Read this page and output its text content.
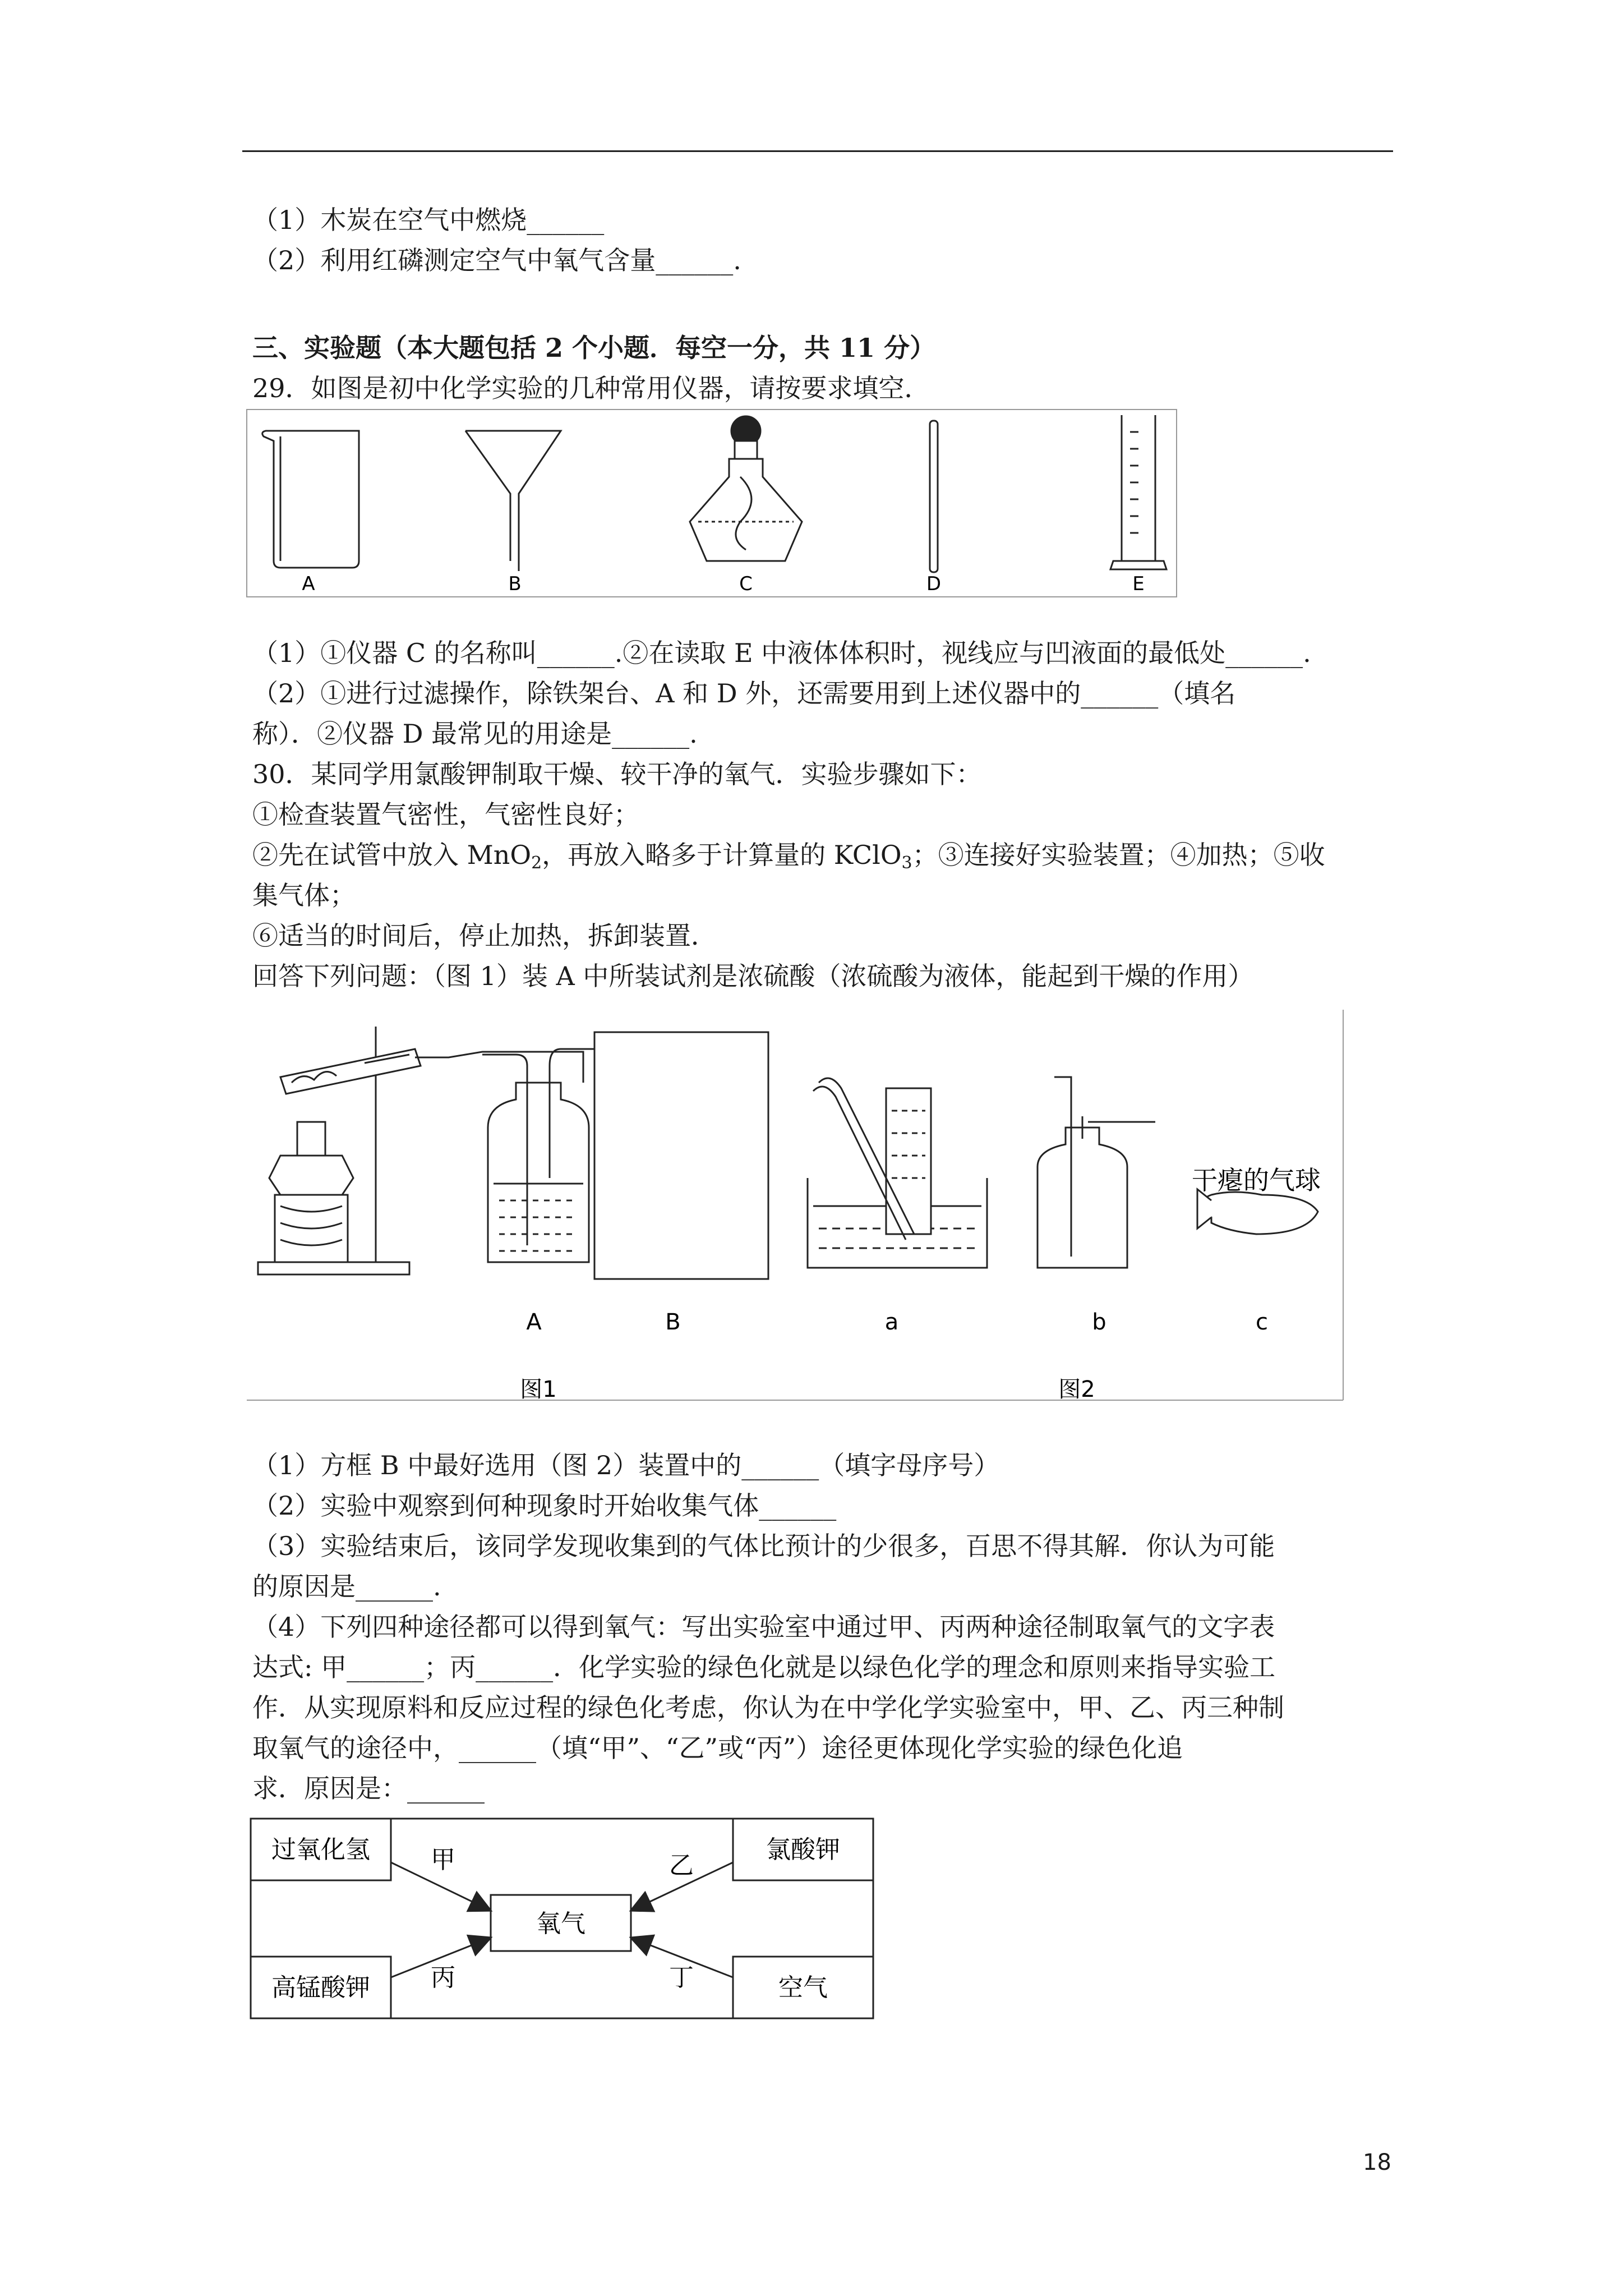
（1）木炭在空气中燃烧______
（2）利用红磷测定空气中氧气含量______.
三、实验题（本大题包括 2 个小题．每空一分，共 11 分）
29．如图是初中化学实验的几种常用仪器，请按要求填空．
A	B	C	D	E
（1）①仪器 C 的名称叫______.②在读取 E 中液体体积时，视线应与凹液面的最低处______.
（2）①进行过滤操作，除铁架台、A 和 D 外，还需要用到上述仪器中的______（填名
称）．②仪器 D 最常见的用途是______.
30．某同学用氯酸钾制取干燥、较干净的氧气．实验步骤如下：
①检查装置气密性，气密性良好；
②先在试管中放入 MnO$_2$，再放入略多于计算量的 KClO$_3$；③连接好实验装置；④加热；⑤收
集气体；
⑥适当的时间后，停止加热，拆卸装置．
回答下列问题：（图 1）装 A 中所装试剂是浓硫酸（浓硫酸为液体，能起到干燥的作用）
A	B	a	b
干瘪的气球
c
图1	图2
（1）方框 B 中最好选用（图 2）装置中的______（填字母序号）
（2）实验中观察到何种现象时开始收集气体______
（3）实验结束后，该同学发现收集到的气体比预计的少很多，百思不得其解．你认为可能
的原因是______.
（4）下列四种途径都可以得到氧气：写出实验室中通过甲、丙两种途径制取氧气的文字表
达式: 甲______；丙______．化学实验的绿色化就是以绿色化学的理念和原则来指导实验工
作．从实现原料和反应过程的绿色化考虑，你认为在中学化学实验室中，甲、乙、丙三种制
取氧气的途径中，______（填“甲”、“乙”或“丙”）途径更体现化学实验的绿色化追
求．原因是：______
过氧化氢	氯酸钾
高锰酸钾	空气
氧气
甲	乙
丙	丁
18
